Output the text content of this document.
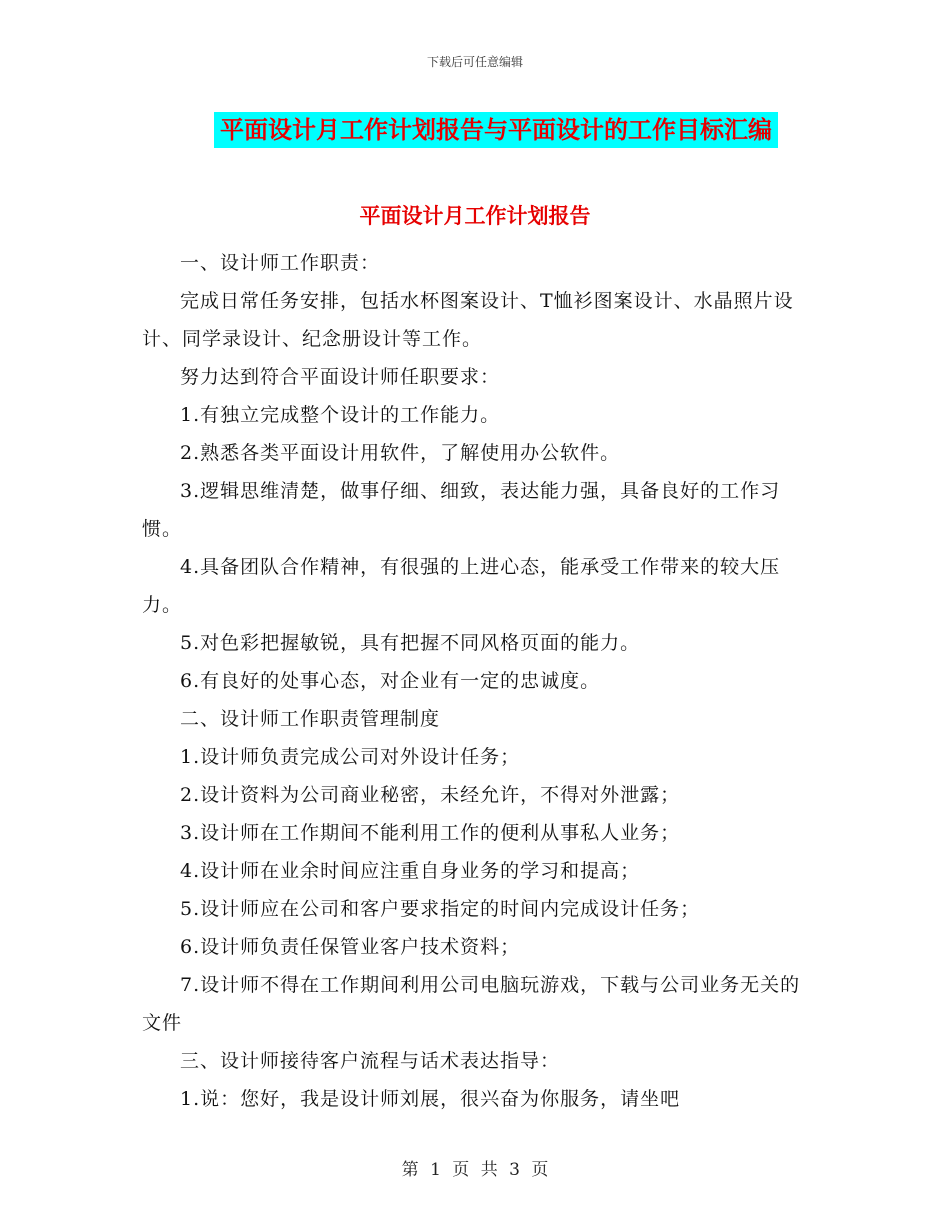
下载后可任意编辑
平面设计月工作计划报告与平面设计的工作目标汇编
平面设计月工作计划报告

一、设计师工作职责：

完成日常任务安排，包括水杯图案设计、T恤衫图案设计、水晶照片设计、同学录设计、纪念册设计等工作。

努力达到符合平面设计师任职要求：

1.有独立完成整个设计的工作能力。

2.熟悉各类平面设计用软件，了解使用办公软件。

3.逻辑思维清楚，做事仔细、细致，表达能力强，具备良好的工作习惯。

4.具备团队合作精神，有很强的上进心态，能承受工作带来的较大压力。

5.对色彩把握敏锐，具有把握不同风格页面的能力。

6.有良好的处事心态，对企业有一定的忠诚度。

二、设计师工作职责管理制度

1.设计师负责完成公司对外设计任务；

2.设计资料为公司商业秘密，未经允许，不得对外泄露；

3.设计师在工作期间不能利用工作的便利从事私人业务；

4.设计师在业余时间应注重自身业务的学习和提高；

5.设计师应在公司和客户要求指定的时间内完成设计任务；

6.设计师负责任保管业客户技术资料；

7.设计师不得在工作期间利用公司电脑玩游戏，下载与公司业务无关的文件

三、设计师接待客户流程与话术表达指导：

1.说：您好，我是设计师刘展，很兴奋为你服务，请坐吧

第 1 页 共 3 页
